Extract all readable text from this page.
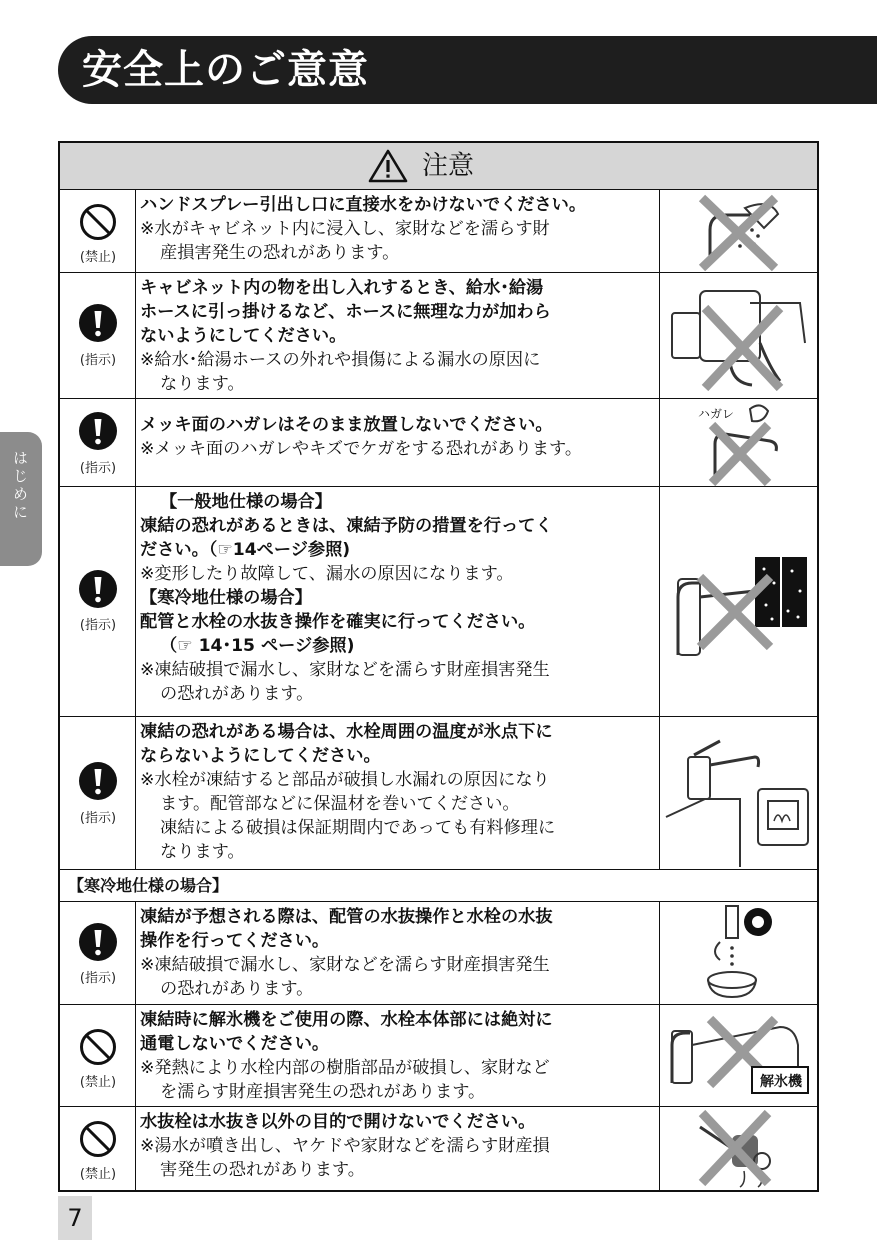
安全上のご意意
はじめに
注意
(禁止)
ハンドスプレー引出し口に直接水をかけないでください。
※水がキャビネット内に浸入し、家財などを濡らす財
産損害発生の恐れがあります。
(指示)
キャビネット内の物を出し入れするとき、給水･給湯
ホースに引っ掛けるなど、ホースに無理な力が加わら
ないようにしてください。
※給水･給湯ホースの外れや損傷による漏水の原因に
なります。
(指示)
メッキ面のハガレはそのまま放置しないでください。
※メッキ面のハガレやキズでケガをする恐れがあります。
ハガレ
(指示)
【一般地仕様の場合】
凍結の恐れがあるときは、凍結予防の措置を行ってく
ださい。（☞14ページ参照)
※変形したり故障して、漏水の原因になります。
【寒冷地仕様の場合】
配管と水栓の水抜き操作を確実に行ってください。
（☞ 14･15 ページ参照)
※凍結破損で漏水し、家財などを濡らす財産損害発生
の恐れがあります。
(指示)
凍結の恐れがある場合は、水栓周囲の温度が氷点下に
ならないようにしてください。
※水栓が凍結すると部品が破損し水漏れの原因になり
ます。配管部などに保温材を巻いてください。
凍結による破損は保証期間内であっても有料修理に
なります。
【寒冷地仕様の場合】
(指示)
凍結が予想される際は、配管の水抜操作と水栓の水抜
操作を行ってください。
※凍結破損で漏水し、家財などを濡らす財産損害発生
の恐れがあります。
(禁止)
凍結時に解氷機をご使用の際、水栓本体部には絶対に
通電しないでください。
※発熱により水栓内部の樹脂部品が破損し、家財など
を濡らす財産損害発生の恐れがあります。	解氷機
(禁止)
水抜栓は水抜き以外の目的で開けないでください。
※湯水が噴き出し、ヤケドや家財などを濡らす財産損
害発生の恐れがあります。
7
